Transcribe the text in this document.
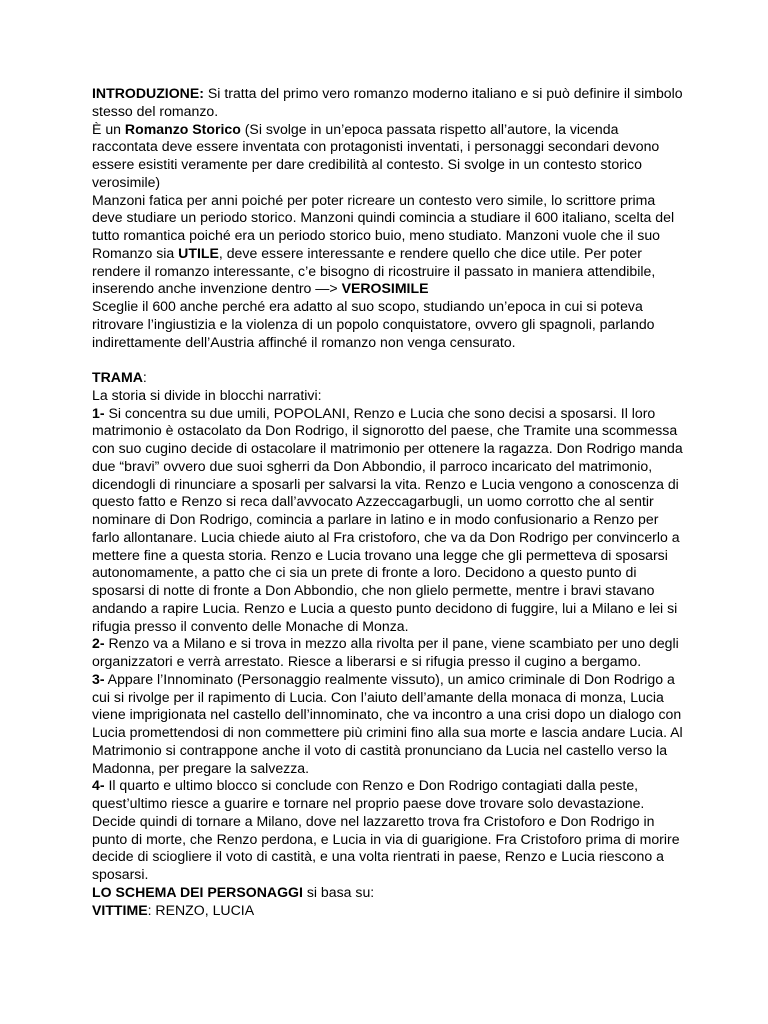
INTRODUZIONE: Si tratta del primo vero romanzo moderno italiano e si può definire il simbolo stesso del romanzo.

È un Romanzo Storico (Si svolge in un’epoca passata rispetto all’autore, la vicenda raccontata deve essere inventata con protagonisti inventati, i personaggi secondari devono essere esistiti veramente per dare credibilità al contesto. Si svolge in un contesto storico verosimile)

Manzoni fatica per anni poiché per poter ricreare un contesto vero simile, lo scrittore prima deve studiare un periodo storico. Manzoni quindi comincia a studiare il 600 italiano, scelta del tutto romantica poiché era un periodo storico buio, meno studiato. Manzoni vuole che il suo Romanzo sia UTILE, deve essere interessante e rendere quello che dice utile. Per poter rendere il romanzo interessante, c’e bisogno di ricostruire il passato in maniera attendibile, inserendo anche invenzione dentro —> VEROSIMILE

Sceglie il 600 anche perché era adatto al suo scopo, studiando un’epoca in cui si poteva ritrovare l’ingiustizia e la violenza di un popolo conquistatore, ovvero gli spagnoli, parlando indirettamente dell’Austria affinché il romanzo non venga censurato.

TRAMA:

La storia si divide in blocchi narrativi:

1- Si concentra su due umili, POPOLANI, Renzo e Lucia che sono decisi a sposarsi. Il loro matrimonio è ostacolato da Don Rodrigo, il signorotto del paese, che Tramite una scommessa con suo cugino decide di ostacolare il matrimonio per ottenere la ragazza. Don Rodrigo manda due “bravi” ovvero due suoi sgherri da Don Abbondio, il parroco incaricato del matrimonio, dicendogli di rinunciare a sposarli per salvarsi la vita. Renzo e Lucia vengono a conoscenza di questo fatto e Renzo si reca dall’avvocato Azzeccagarbugli, un uomo corrotto che al sentir nominare di Don Rodrigo, comincia a parlare in latino e in modo confusionario a Renzo per farlo allontanare. Lucia chiede aiuto al Fra cristoforo, che va da Don Rodrigo per convincerlo a mettere fine a questa storia. Renzo e Lucia trovano una legge che gli permetteva di sposarsi autonomamente, a patto che ci sia un prete di fronte a loro. Decidono a questo punto di sposarsi di notte di fronte a Don Abbondio, che non glielo permette, mentre i bravi stavano andando a rapire Lucia. Renzo e Lucia a questo punto decidono di fuggire, lui a Milano e lei si rifugia presso il convento delle Monache di Monza.

2- Renzo va a Milano e si trova in mezzo alla rivolta per il pane, viene scambiato per uno degli organizzatori e verrà arrestato. Riesce a liberarsi e si rifugia presso il cugino a bergamo.

3- Appare l’Innominato (Personaggio realmente vissuto), un amico criminale di Don Rodrigo a cui si rivolge per il rapimento di Lucia. Con l’aiuto dell’amante della monaca di monza, Lucia viene imprigionata nel castello dell’innominato, che va incontro a una crisi dopo un dialogo con Lucia promettendosi di non commettere più crimini fino alla sua morte e lascia andare Lucia. Al Matrimonio si contrappone anche il voto di castità pronunciano da Lucia nel castello verso la Madonna, per pregare la salvezza.

4- Il quarto e ultimo blocco si conclude con Renzo e Don Rodrigo contagiati dalla peste, quest’ultimo riesce a guarire e tornare nel proprio paese dove trovare solo devastazione. Decide quindi di tornare a Milano, dove nel lazzaretto trova fra Cristoforo e Don Rodrigo in punto di morte, che Renzo perdona, e Lucia in via di guarigione. Fra Cristoforo prima di morire decide di sciogliere il voto di castità, e una volta rientrati in paese, Renzo e Lucia riescono a sposarsi.

LO SCHEMA DEI PERSONAGGI si basa su:

VITTIME: RENZO, LUCIA
